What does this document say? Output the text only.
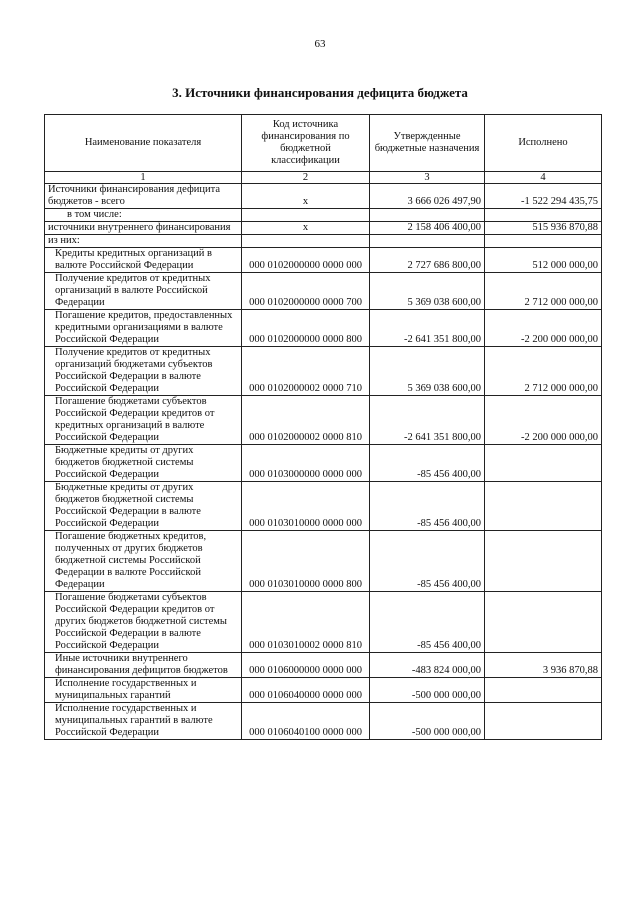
63
3. Источники финансирования дефицита бюджета
Наименование показателя	Код источника финансирования по бюджетной классификации	Утвержденные бюджетные назначения	Исполнено
1	2	3	4
Источники финансирования дефицита бюджетов - всего	x	3 666 026 497,90	-1 522 294 435,75
в том числе:			
источники внутреннего финансирования	x	2 158 406 400,00	515 936 870,88
из них:			
Кредиты кредитных организаций в валюте Российской Федерации	000 0102000000 0000 000	2 727 686 800,00	512 000 000,00
Получение кредитов от кредитных организаций в валюте Российской Федерации	000 0102000000 0000 700	5 369 038 600,00	2 712 000 000,00
Погашение кредитов, предоставленных кредитными организациями в валюте Российской Федерации	000 0102000000 0000 800	-2 641 351 800,00	-2 200 000 000,00
Получение кредитов от кредитных организаций бюджетами субъектов Российской Федерации в валюте Российской Федерации	000 0102000002 0000 710	5 369 038 600,00	2 712 000 000,00
Погашение бюджетами субъектов Российской Федерации кредитов от кредитных организаций в валюте Российской Федерации	000 0102000002 0000 810	-2 641 351 800,00	-2 200 000 000,00
Бюджетные кредиты от других бюджетов бюджетной системы Российской Федерации	000 0103000000 0000 000	-85 456 400,00	
Бюджетные кредиты от других бюджетов бюджетной системы Российской Федерации в валюте Российской Федерации	000 0103010000 0000 000	-85 456 400,00	
Погашение бюджетных кредитов, полученных от других бюджетов бюджетной системы Российской Федерации в валюте Российской Федерации	000 0103010000 0000 800	-85 456 400,00	
Погашение бюджетами субъектов Российской Федерации кредитов от других бюджетов бюджетной системы Российской Федерации в валюте Российской Федерации	000 0103010002 0000 810	-85 456 400,00	
Иные источники внутреннего финансирования дефицитов бюджетов	000 0106000000 0000 000	-483 824 000,00	3 936 870,88
Исполнение государственных и муниципальных гарантий	000 0106040000 0000 000	-500 000 000,00	
Исполнение государственных и муниципальных гарантий в валюте Российской Федерации	000 0106040100 0000 000	-500 000 000,00	
